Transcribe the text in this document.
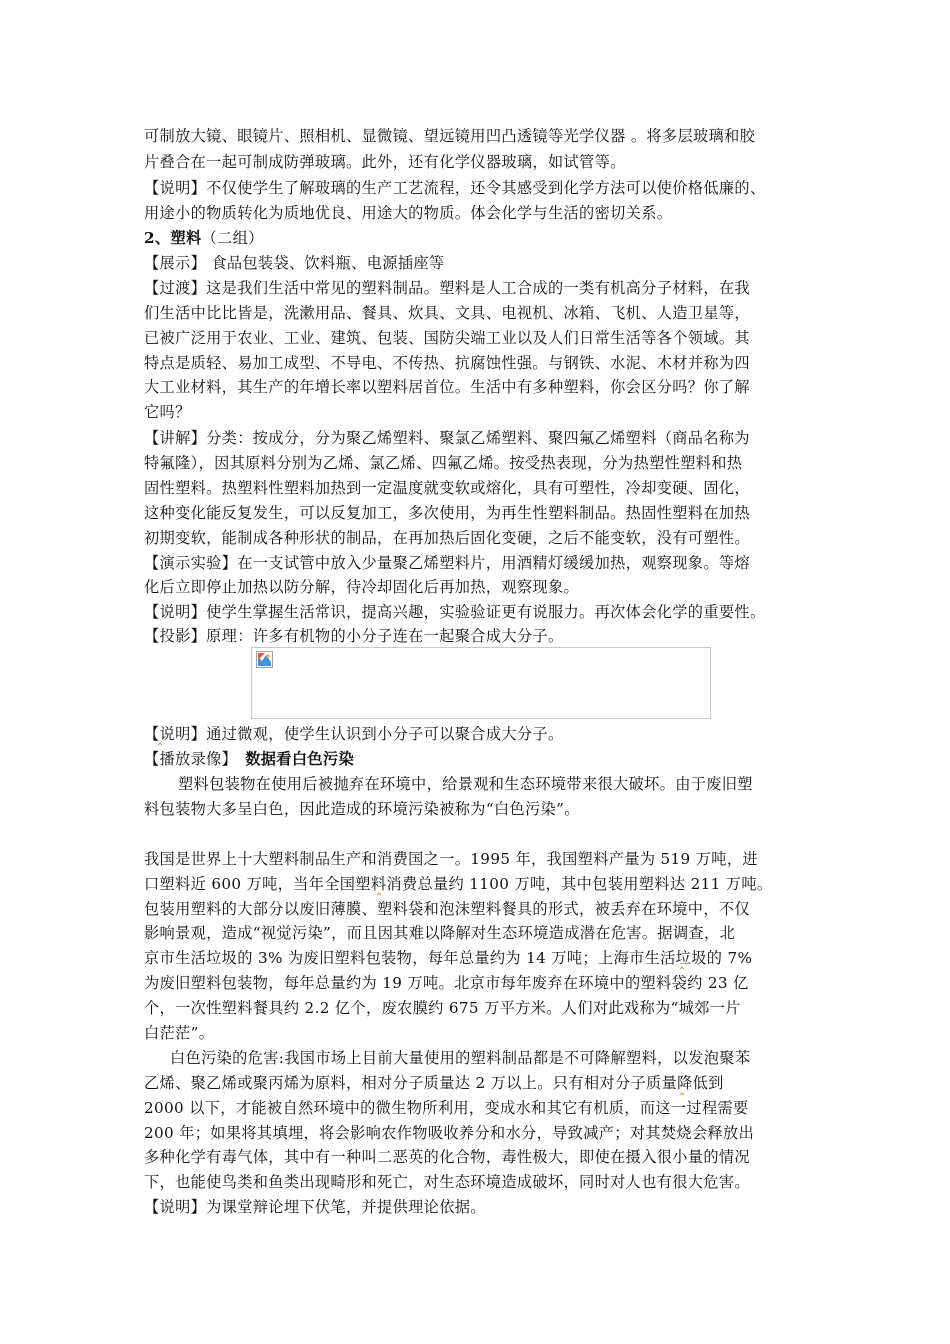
可制放大镜、眼镜片、照相机、显微镜、望远镜用凹凸透镜等光学仪器 。将多层玻璃和胶
片叠合在一起可制成防弹玻璃。此外，还有化学仪器玻璃，如试管等。
【说明】不仅使学生了解玻璃的生产工艺流程，还令其感受到化学方法可以使价格低廉的、
用途小的物质转化为质地优良、用途大的物质。体会化学与生活的密切关系。
2、塑料（二组）
【展示】 食品包装袋、饮料瓶、电源插座等
【过渡】这是我们生活中常见的塑料制品。塑料是人工合成的一类有机高分子材料，在我
们生活中比比皆是，洗漱用品、餐具、炊具、文具、电视机、冰箱、飞机、人造卫星等，
已被广泛用于农业、工业、建筑、包装、国防尖端工业以及人们日常生活等各个领域。其
特点是质轻、易加工成型、不导电、不传热、抗腐蚀性强。与钢铁、水泥、木材并称为四
大工业材料，其生产的年增长率以塑料居首位。生活中有多种塑料，你会区分吗？你了解
它吗？
【讲解】分类：按成分，分为聚乙烯塑料、聚氯乙烯塑料、聚四氟乙烯塑料（商品名称为
特氟隆），因其原料分别为乙烯、氯乙烯、四氟乙烯。按受热表现，分为热塑性塑料和热
固性塑料。热塑料性塑料加热到一定温度就变软或熔化，具有可塑性，冷却变硬、固化，
这种变化能反复发生，可以反复加工，多次使用，为再生性塑料制品。热固性塑料在加热
初期变软，能制成各种形状的制品，在再加热后固化变硬，之后不能变软，没有可塑性。
【演示实验】在一支试管中放入少量聚乙烯塑料片，用酒精灯缓缓加热，观察现象。等熔
化后立即停止加热以防分解，待冷却固化后再加热，观察现象。
【说明】使学生掌握生活常识，提高兴趣，实验验证更有说服力。再次体会化学的重要性。
【投影】原理：许多有机物的小分子连在一起聚合成大分子。
【说明】通过微观，使学生认识到小分子可以聚合成大分子。
【播放录像】 数据看白色污染
塑料包装物在使用后被抛弃在环境中，给景观和生态环境带来很大破坏。由于废旧塑
料包装物大多呈白色，因此造成的环境污染被称为“白色污染”。
我国是世界上十大塑料制品生产和消费国之一。1995 年，我国塑料产量为 519 万吨，进
口塑料近 600 万吨，当年全国塑料消费总量约 1100 万吨，其中包装用塑料达 211 万吨。
包装用塑料的大部分以废旧薄膜、塑料袋和泡沫塑料餐具的形式，被丢弃在环境中，不仅
影响景观，造成“视觉污染”，而且因其难以降解对生态环境造成潜在危害。据调查，北
京市生活垃圾的 3% 为废旧塑料包装物，每年总量约为 14 万吨；上海市生活垃圾的 7%
为废旧塑料包装物，每年总量约为 19 万吨。北京市每年废弃在环境中的塑料袋约 23 亿
个，一次性塑料餐具约 2.2 亿个，废农膜约 675 万平方米。人们对此戏称为“城郊一片
白茫茫”。
白色污染的危害:我国市场上目前大量使用的塑料制品都是不可降解塑料，以发泡聚苯
乙烯、聚乙烯或聚丙烯为原料，相对分子质量达 2 万以上。只有相对分子质量降低到
2000 以下，才能被自然环境中的微生物所利用，变成水和其它有机质，而这一过程需要
200 年；如果将其填埋，将会影响农作物吸收养分和水分，导致减产；对其焚烧会释放出
多种化学有毒气体，其中有一种叫二恶英的化合物，毒性极大，即使在摄入很小量的情况
下，也能使鸟类和鱼类出现畸形和死亡，对生态环境造成破坏，同时对人也有很大危害。
【说明】为课堂辩论埋下伏笔，并提供理论依据。
